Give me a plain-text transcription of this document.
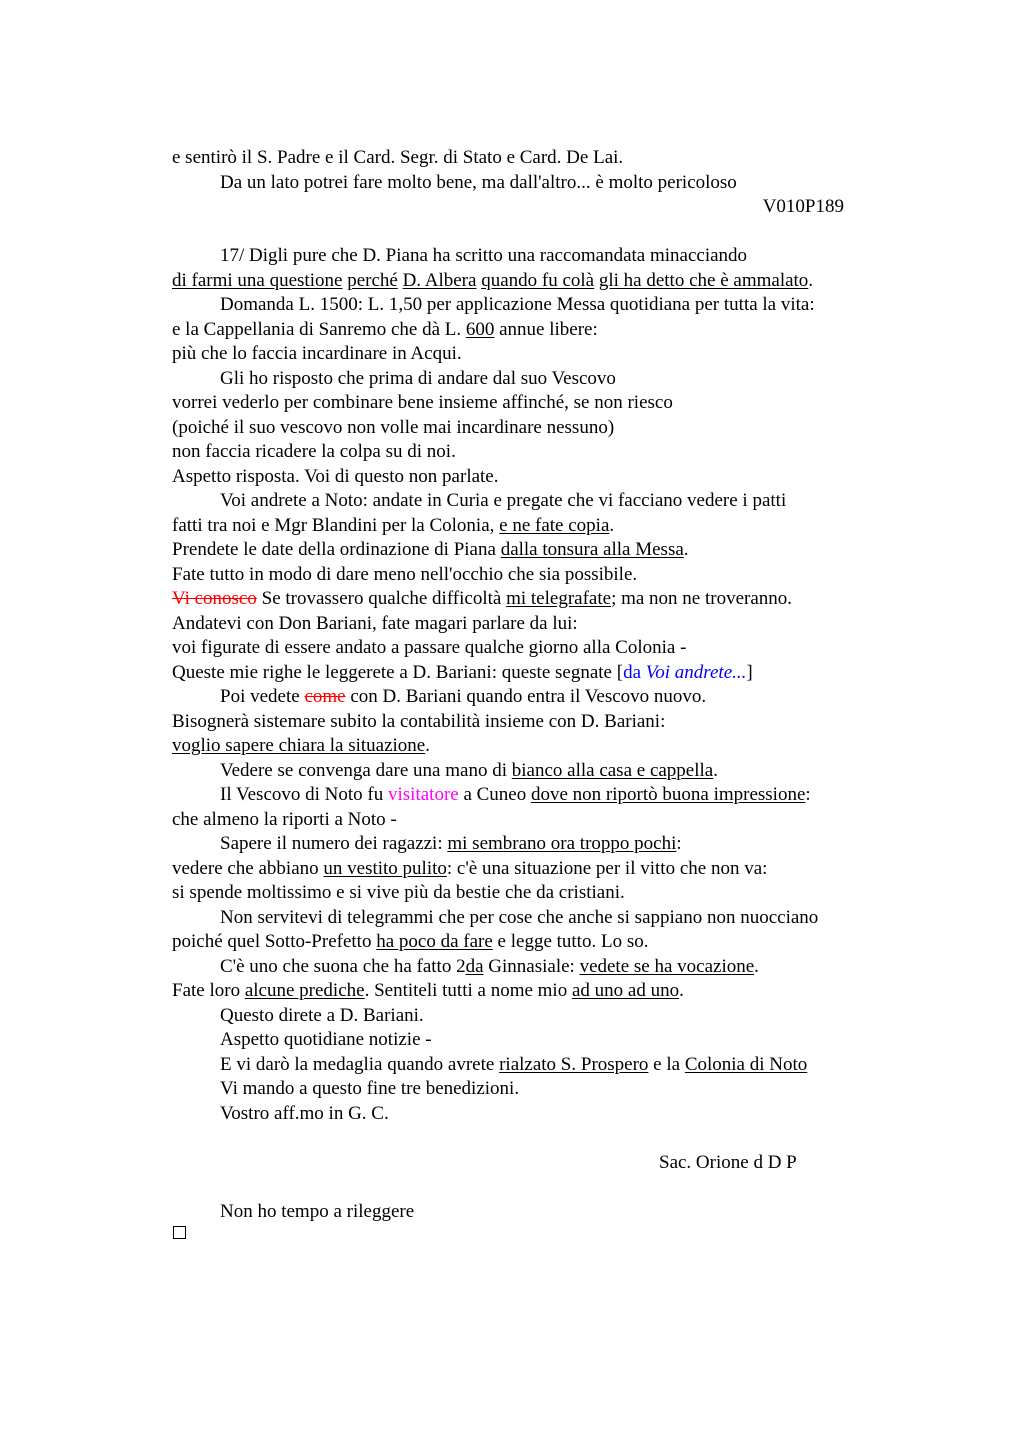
e sentirò il S. Padre e il Card. Segr. di Stato e Card. De Lai.
Da un lato potrei fare molto bene, ma dall'altro... è molto pericoloso
V010P189
17/ Digli pure che D. Piana ha scritto una raccomandata minacciando
di farmi una questione perché D. Albera quando fu colà gli ha detto che è ammalato.
Domanda L. 1500: L. 1,50 per applicazione Messa quotidiana per tutta la vita:
e la Cappellania di Sanremo che dà L. 600 annue libere:
più che lo faccia incardinare in Acqui.
Gli ho risposto che prima di andare dal suo Vescovo
vorrei vederlo per combinare bene insieme affinché, se non riesco
(poiché il suo vescovo non volle mai incardinare nessuno)
non faccia ricadere la colpa su di noi.
Aspetto risposta. Voi di questo non parlate.
Voi andrete a Noto: andate in Curia e pregate che vi facciano vedere i patti
fatti tra noi e Mgr Blandini per la Colonia, e ne fate copia.
Prendete le date della ordinazione di Piana dalla tonsura alla Messa.
Fate tutto in modo di dare meno nell'occhio che sia possibile.
Vi conosco Se trovassero qualche difficoltà mi telegrafate; ma non ne troveranno.
Andatevi con Don Bariani, fate magari parlare da lui:
voi figurate di essere andato a passare qualche giorno alla Colonia -
Queste mie righe le leggerete a D. Bariani: queste segnate [da Voi andrete...]
Poi vedete come con D. Bariani quando entra il Vescovo nuovo.
Bisognerà sistemare subito la contabilità insieme con D. Bariani:
voglio sapere chiara la situazione.
Vedere se convenga dare una mano di bianco alla casa e cappella.
Il Vescovo di Noto fu visitatore a Cuneo dove non riportò buona impressione:
che almeno la riporti a Noto -
Sapere il numero dei ragazzi: mi sembrano ora troppo pochi:
vedere che abbiano un vestito pulito: c'è una situazione per il vitto che non va:
si spende moltissimo e si vive più da bestie che da cristiani.
Non servitevi di telegrammi che per cose che anche si sappiano non nuocciano
poiché quel Sotto-Prefetto ha poco da fare e legge tutto. Lo so.
C'è uno che suona che ha fatto 2da Ginnasiale: vedete se ha vocazione.
Fate loro alcune prediche. Sentiteli tutti a nome mio ad uno ad uno.
Questo direte a D. Bariani.
Aspetto quotidiane notizie -
E vi darò la medaglia quando avrete rialzato S. Prospero e la Colonia di Noto
Vi mando a questo fine tre benedizioni.
Vostro aff.mo in G. C.
Sac. Orione d D P
Non ho tempo a rileggere
